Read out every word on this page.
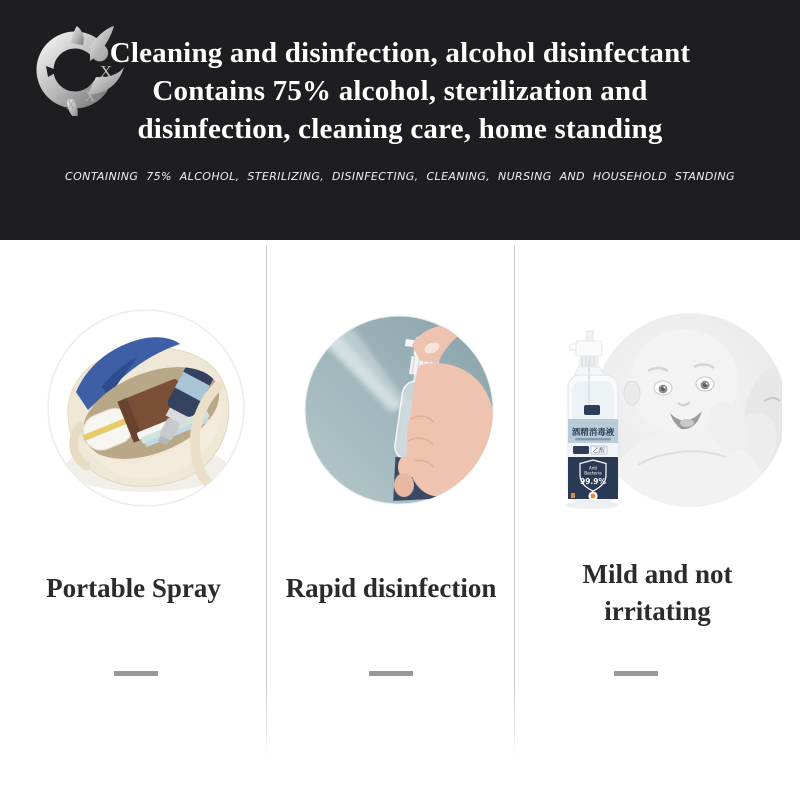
X
X
X
Cleaning and disinfection, alcohol disinfectant
Contains 75% alcohol, sterilization and
disinfection, cleaning care, home standing
CONTAINING 75% ALCOHOL, STERILIZING, DISINFECTING, CLEANING, NURSING AND HOUSEHOLD STANDING
酒精消毒液
乙醇
Anti
Bacteria
99.9%
Portable Spray	Rapid disinfection	Mild and not irritating
